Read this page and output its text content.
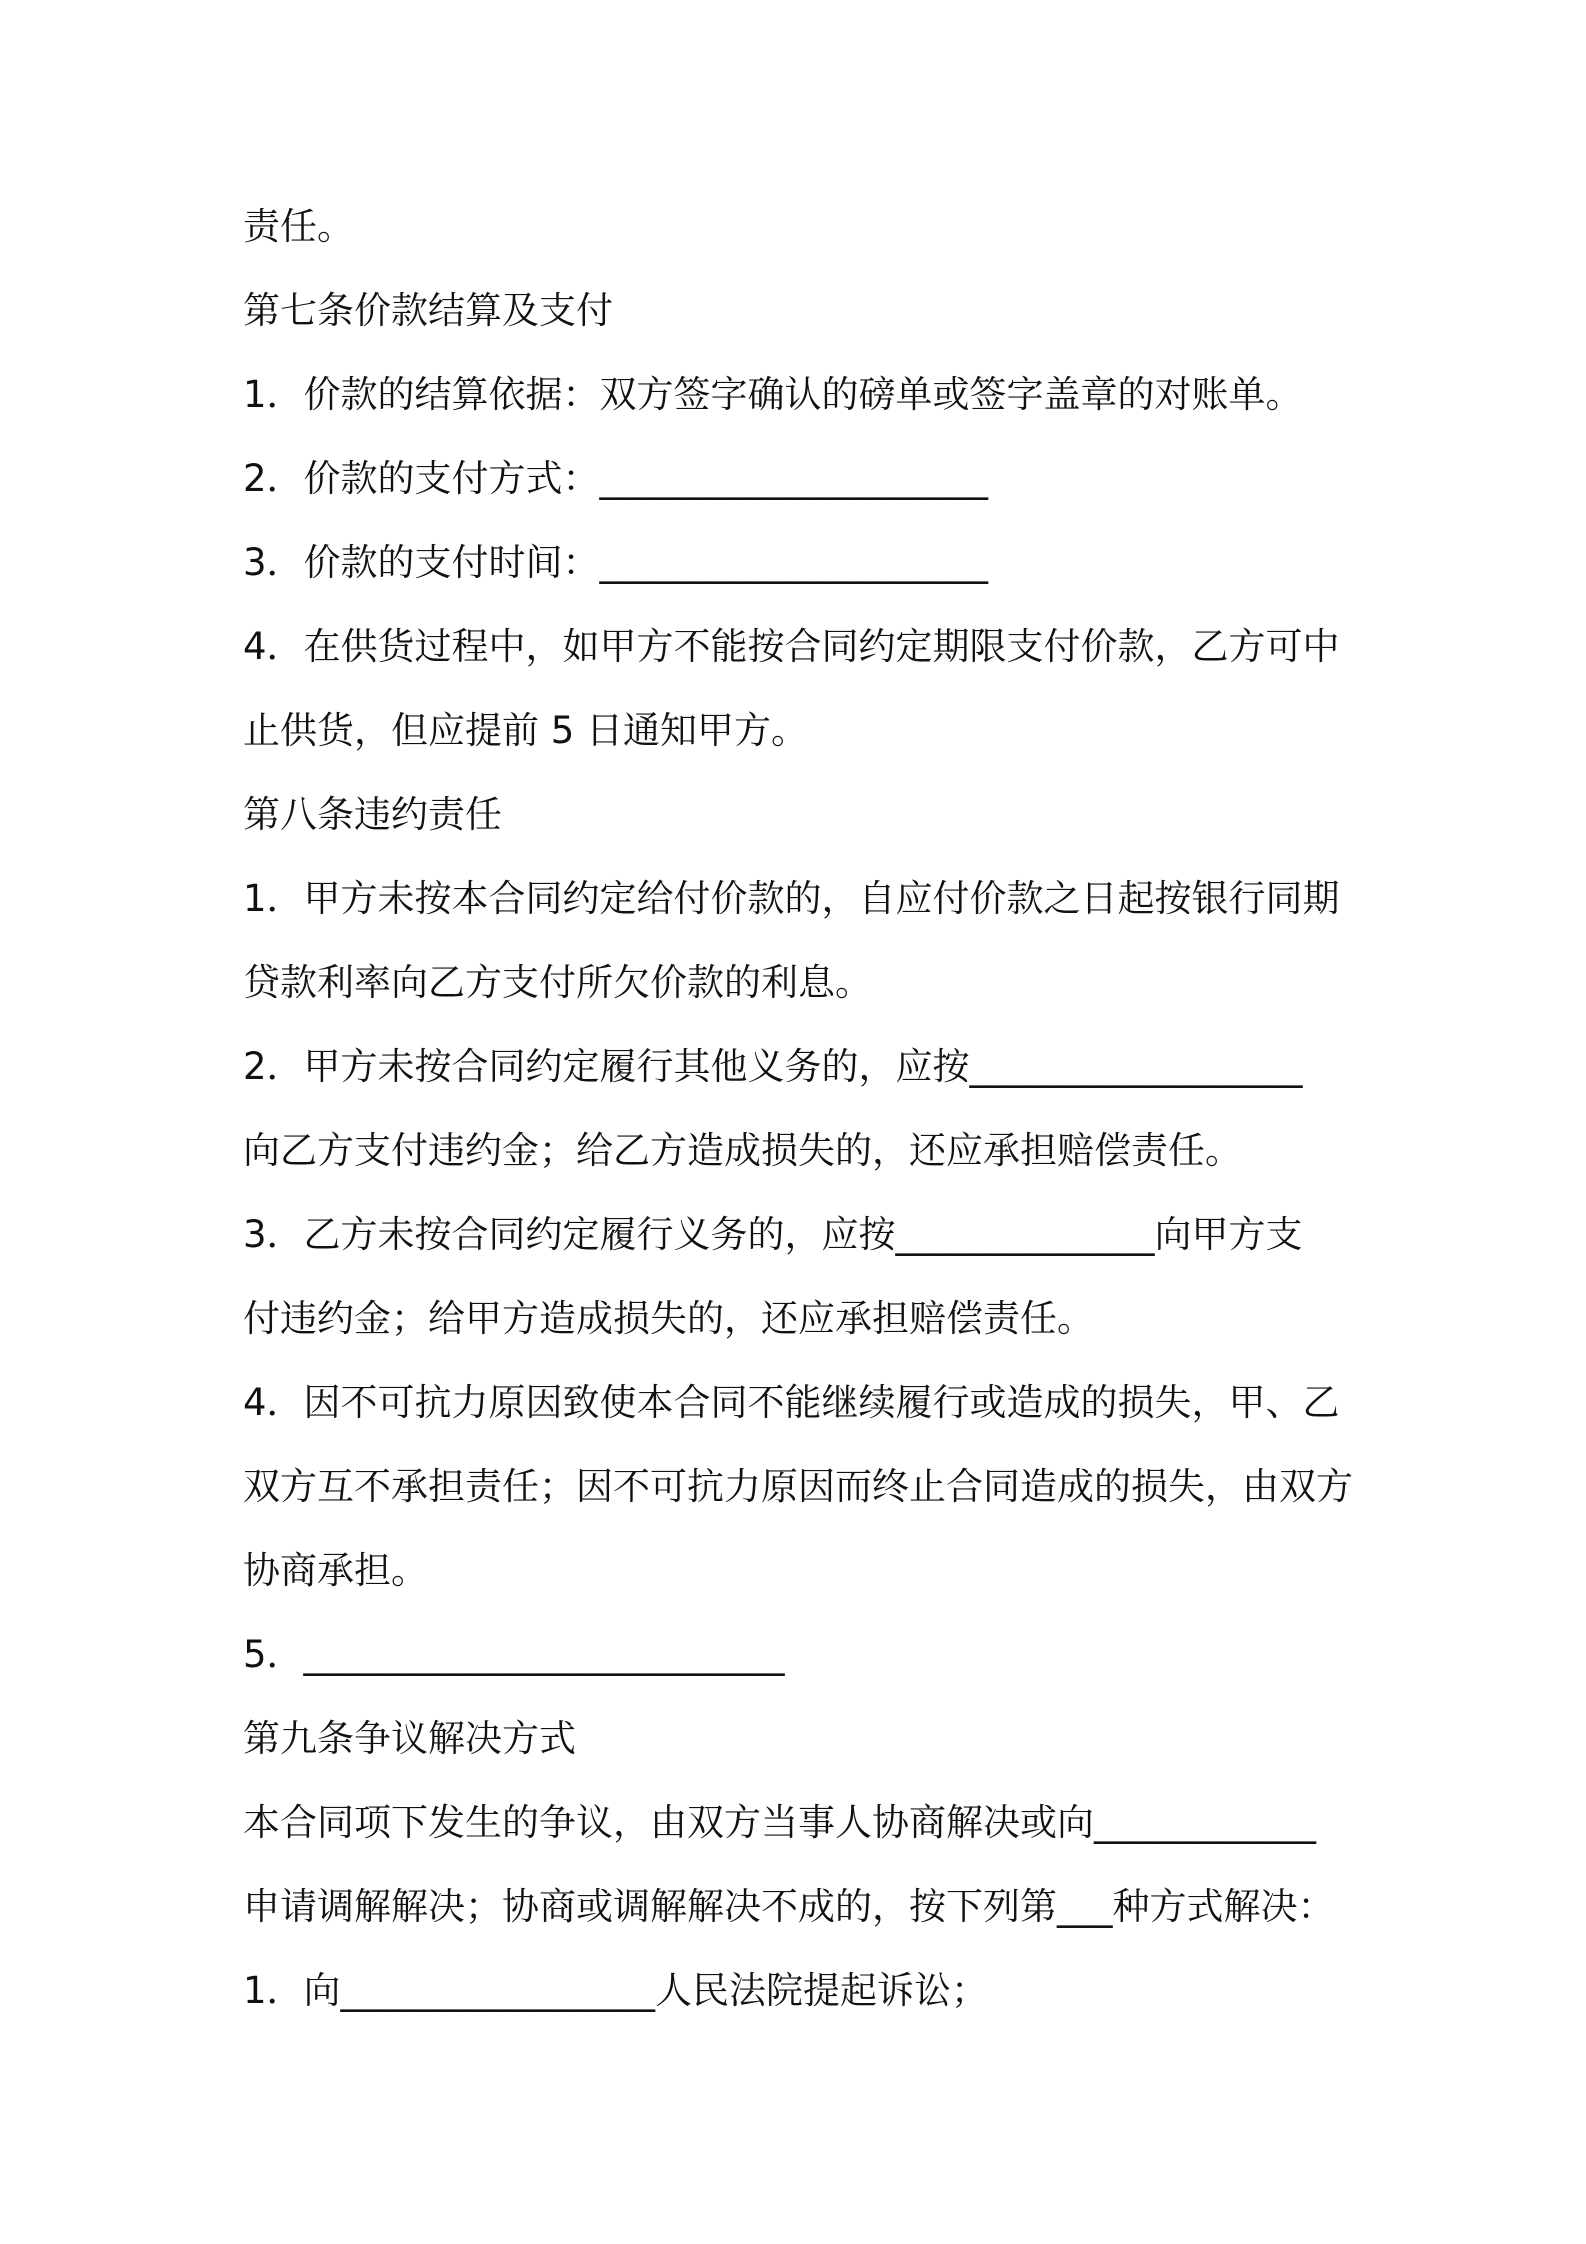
责任。
第七条价款结算及支付
1．价款的结算依据：双方签字确认的磅单或签字盖章的对账单。
2．价款的支付方式：_____________________
3．价款的支付时间：_____________________
4．在供货过程中，如甲方不能按合同约定期限支付价款，乙方可中
止供货，但应提前 5 日通知甲方。
第八条违约责任
1．甲方未按本合同约定给付价款的，自应付价款之日起按银行同期
贷款利率向乙方支付所欠价款的利息。
2．甲方未按合同约定履行其他义务的，应按__________________
向乙方支付违约金；给乙方造成损失的，还应承担赔偿责任。
3．乙方未按合同约定履行义务的，应按______________向甲方支
付违约金；给甲方造成损失的，还应承担赔偿责任。
4．因不可抗力原因致使本合同不能继续履行或造成的损失，甲、乙
双方互不承担责任；因不可抗力原因而终止合同造成的损失，由双方
协商承担。
5．__________________________
第九条争议解决方式
本合同项下发生的争议，由双方当事人协商解决或向____________
申请调解解决；协商或调解解决不成的，按下列第___种方式解决：
1．向_________________人民法院提起诉讼；
